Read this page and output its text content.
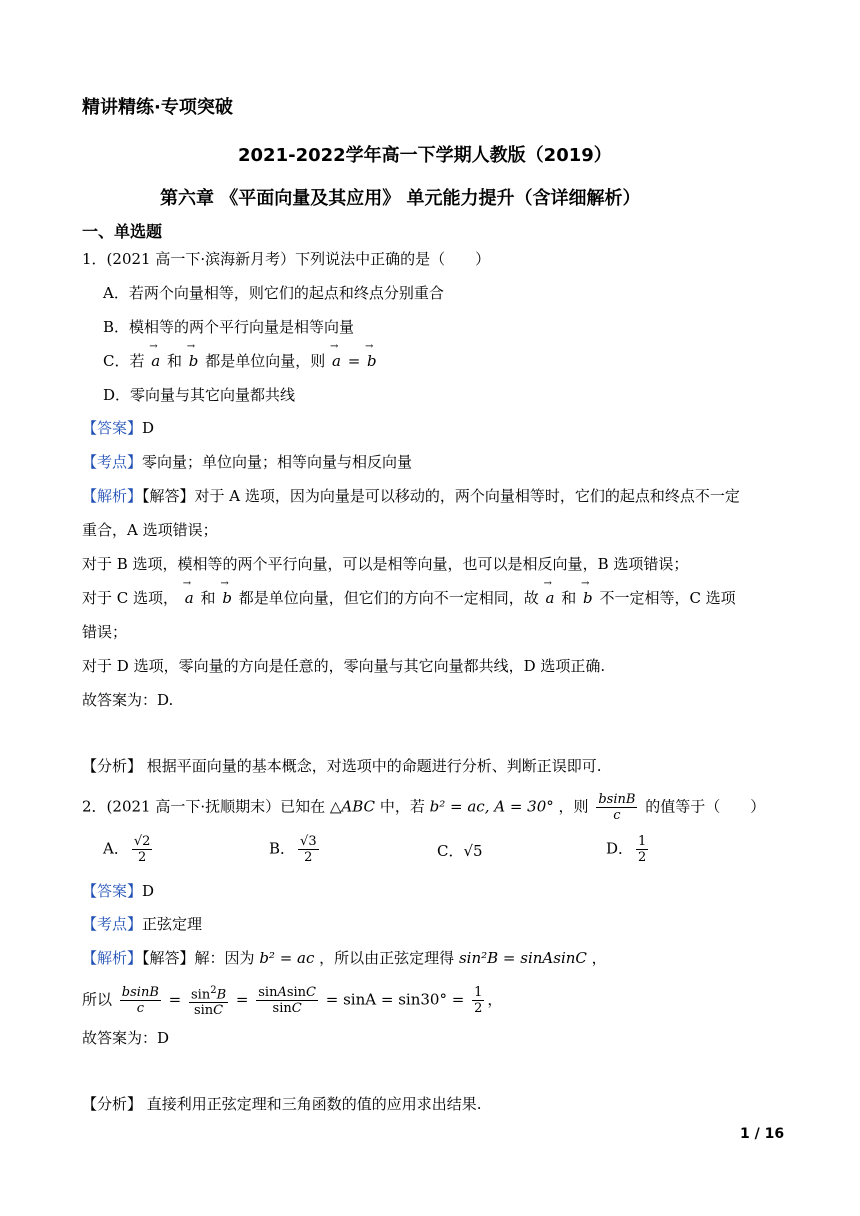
精讲精练·专项突破
2021-2022学年高一下学期人教版（2019）
第六章 《平面向量及其应用》 单元能力提升（含详细解析）
一、单选题
1．(2021 高一下·滨海新月考）下列说法中正确的是（　　）
A．若两个向量相等，则它们的起点和终点分别重合
B．模相等的两个平行向量是相等向量
C．若 → a 和 → b 都是单位向量，则 → a = → b
D．零向量与其它向量都共线
【答案】D
【考点】零向量；单位向量；相等向量与相反向量
【解析】【解答】对于 A 选项，因为向量是可以移动的，两个向量相等时，它们的起点和终点不一定
重合，A 选项错误；
对于 B 选项，模相等的两个平行向量，可以是相等向量，也可以是相反向量，B 选项错误；
对于 C 选项， → a 和 → b 都是单位向量，但它们的方向不一定相同，故 → a 和 → b 不一定相等，C 选项
错误；
对于 D 选项，零向量的方向是任意的，零向量与其它向量都共线，D 选项正确.
故答案为：D.
【分析】 根据平面向量的基本概念，对选项中的命题进行分析、判断正误即可.
2．(2021 高一下·抚顺期末）已知在 △ABC 中，若 b² = ac, A = 30° ，则 $\frac{bsinB}{c}$ 的值等于（　　）
A． $\frac{√2}{2}$	B． $\frac{√3}{2}$	C．√5	D． $\frac{1}{2}$
【答案】D
【考点】正弦定理
【解析】【解答】解：因为 b² = ac ，所以由正弦定理得 sin²B = sinAsinC ，
所以 $\frac{bsinB}{c} = \frac{\sin^2B}{\sin C} = \frac{\text{sinAsinC}}{\sin C} = \sin A = \sin 30^\circ = \frac{1}{2}$ ，
故答案为：D
【分析】 直接利用正弦定理和三角函数的值的应用求出结果.
1 / 16
